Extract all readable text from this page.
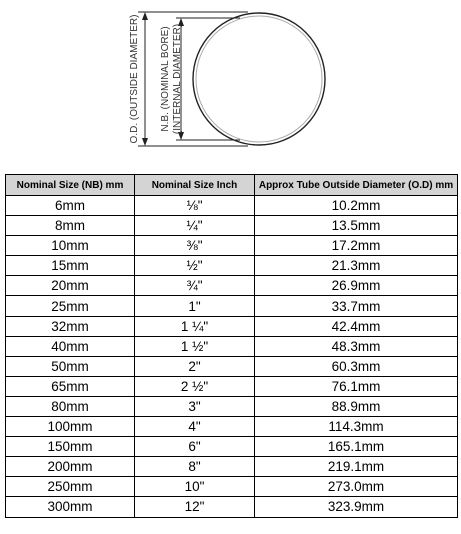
O.D. (OUTSIDE DIAMETER) N.B. (NOMINAL BORE) (INTERNAL DIAMETER)
Nominal Size (NB) mm	Nominal Size Inch	Approx Tube Outside Diameter (O.D) mm
6mm	⅛"	10.2mm
8mm	¼"	13.5mm
10mm	⅜"	17.2mm
15mm	½"	21.3mm
20mm	¾"	26.9mm
25mm	1"	33.7mm
32mm	1 ¼"	42.4mm
40mm	1 ½"	48.3mm
50mm	2"	60.3mm
65mm	2 ½"	76.1mm
80mm	3"	88.9mm
100mm	4"	114.3mm
150mm	6"	165.1mm
200mm	8"	219.1mm
250mm	10"	273.0mm
300mm	12"	323.9mm
